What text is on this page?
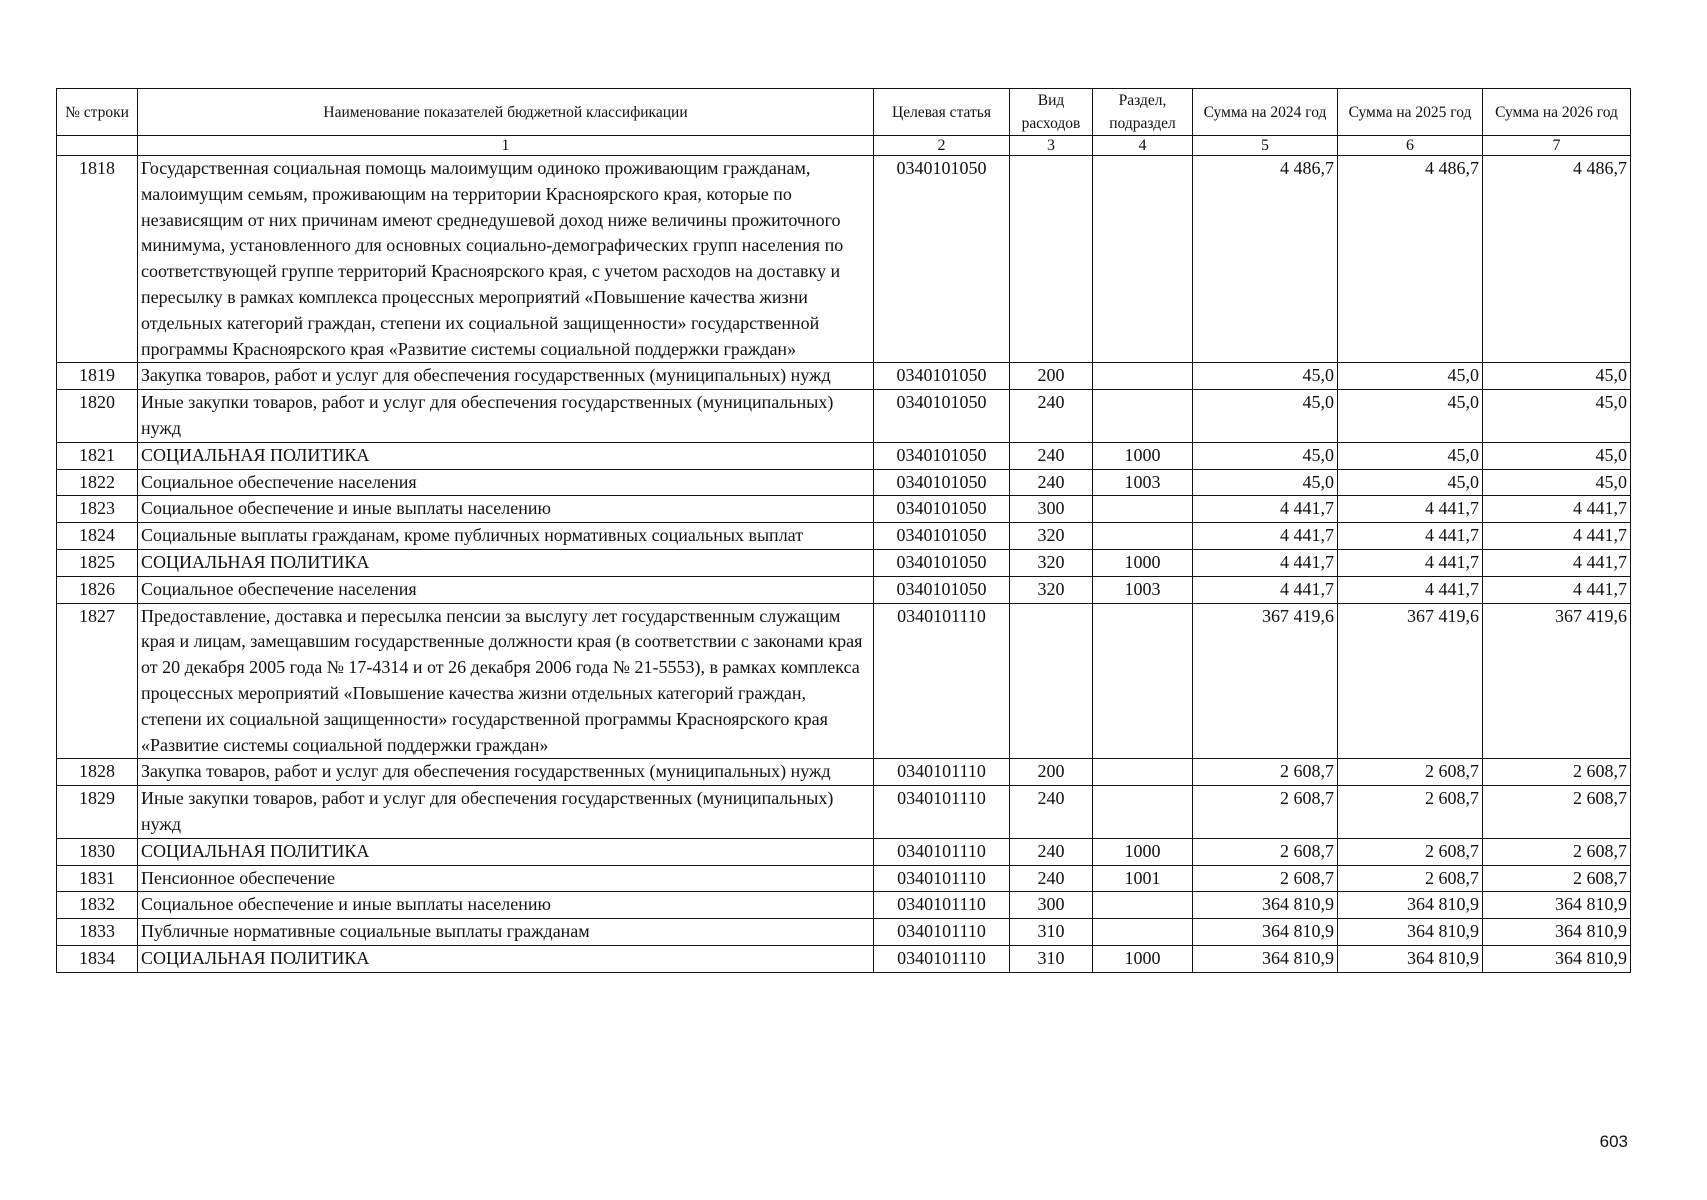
№ строки	Наименование показателей бюджетной классификации	Целевая статья	Вид расходов	Раздел, подраздел	Сумма на 2024 год	Сумма на 2025 год	Сумма на 2026 год
	1	2	3	4	5	6	7
1818	Государственная социальная помощь малоимущим одиноко проживающим гражданам, малоимущим семьям, проживающим на территории Красноярского края, которые по независящим от них причинам имеют среднедушевой доход ниже величины прожиточного минимума, установленного для основных социально-демографических групп населения по соответствующей группе территорий Красноярского края, с учетом расходов на доставку и пересылку в рамках комплекса процессных мероприятий «Повышение качества жизни отдельных категорий граждан, степени их социальной защищенности» государственной программы Красноярского края «Развитие системы социальной поддержки граждан»	0340101050			4 486,7	4 486,7	4 486,7
1819	Закупка товаров, работ и услуг для обеспечения государственных (муниципальных) нужд	0340101050	200		45,0	45,0	45,0
1820	Иные закупки товаров, работ и услуг для обеспечения государственных (муниципальных) нужд	0340101050	240		45,0	45,0	45,0
1821	СОЦИАЛЬНАЯ ПОЛИТИКА	0340101050	240	1000	45,0	45,0	45,0
1822	Социальное обеспечение населения	0340101050	240	1003	45,0	45,0	45,0
1823	Социальное обеспечение и иные выплаты населению	0340101050	300		4 441,7	4 441,7	4 441,7
1824	Социальные выплаты гражданам, кроме публичных нормативных социальных выплат	0340101050	320		4 441,7	4 441,7	4 441,7
1825	СОЦИАЛЬНАЯ ПОЛИТИКА	0340101050	320	1000	4 441,7	4 441,7	4 441,7
1826	Социальное обеспечение населения	0340101050	320	1003	4 441,7	4 441,7	4 441,7
1827	Предоставление, доставка и пересылка пенсии за выслугу лет государственным служащим края и лицам, замещавшим государственные должности края (в соответствии с законами края от 20 декабря 2005 года № 17-4314 и от 26 декабря 2006 года № 21-5553), в рамках комплекса процессных мероприятий «Повышение качества жизни отдельных категорий граждан, степени их социальной защищенности» государственной программы Красноярского края «Развитие системы социальной поддержки граждан»	0340101110			367 419,6	367 419,6	367 419,6
1828	Закупка товаров, работ и услуг для обеспечения государственных (муниципальных) нужд	0340101110	200		2 608,7	2 608,7	2 608,7
1829	Иные закупки товаров, работ и услуг для обеспечения государственных (муниципальных) нужд	0340101110	240		2 608,7	2 608,7	2 608,7
1830	СОЦИАЛЬНАЯ ПОЛИТИКА	0340101110	240	1000	2 608,7	2 608,7	2 608,7
1831	Пенсионное обеспечение	0340101110	240	1001	2 608,7	2 608,7	2 608,7
1832	Социальное обеспечение и иные выплаты населению	0340101110	300		364 810,9	364 810,9	364 810,9
1833	Публичные нормативные социальные выплаты гражданам	0340101110	310		364 810,9	364 810,9	364 810,9
1834	СОЦИАЛЬНАЯ ПОЛИТИКА	0340101110	310	1000	364 810,9	364 810,9	364 810,9
603
